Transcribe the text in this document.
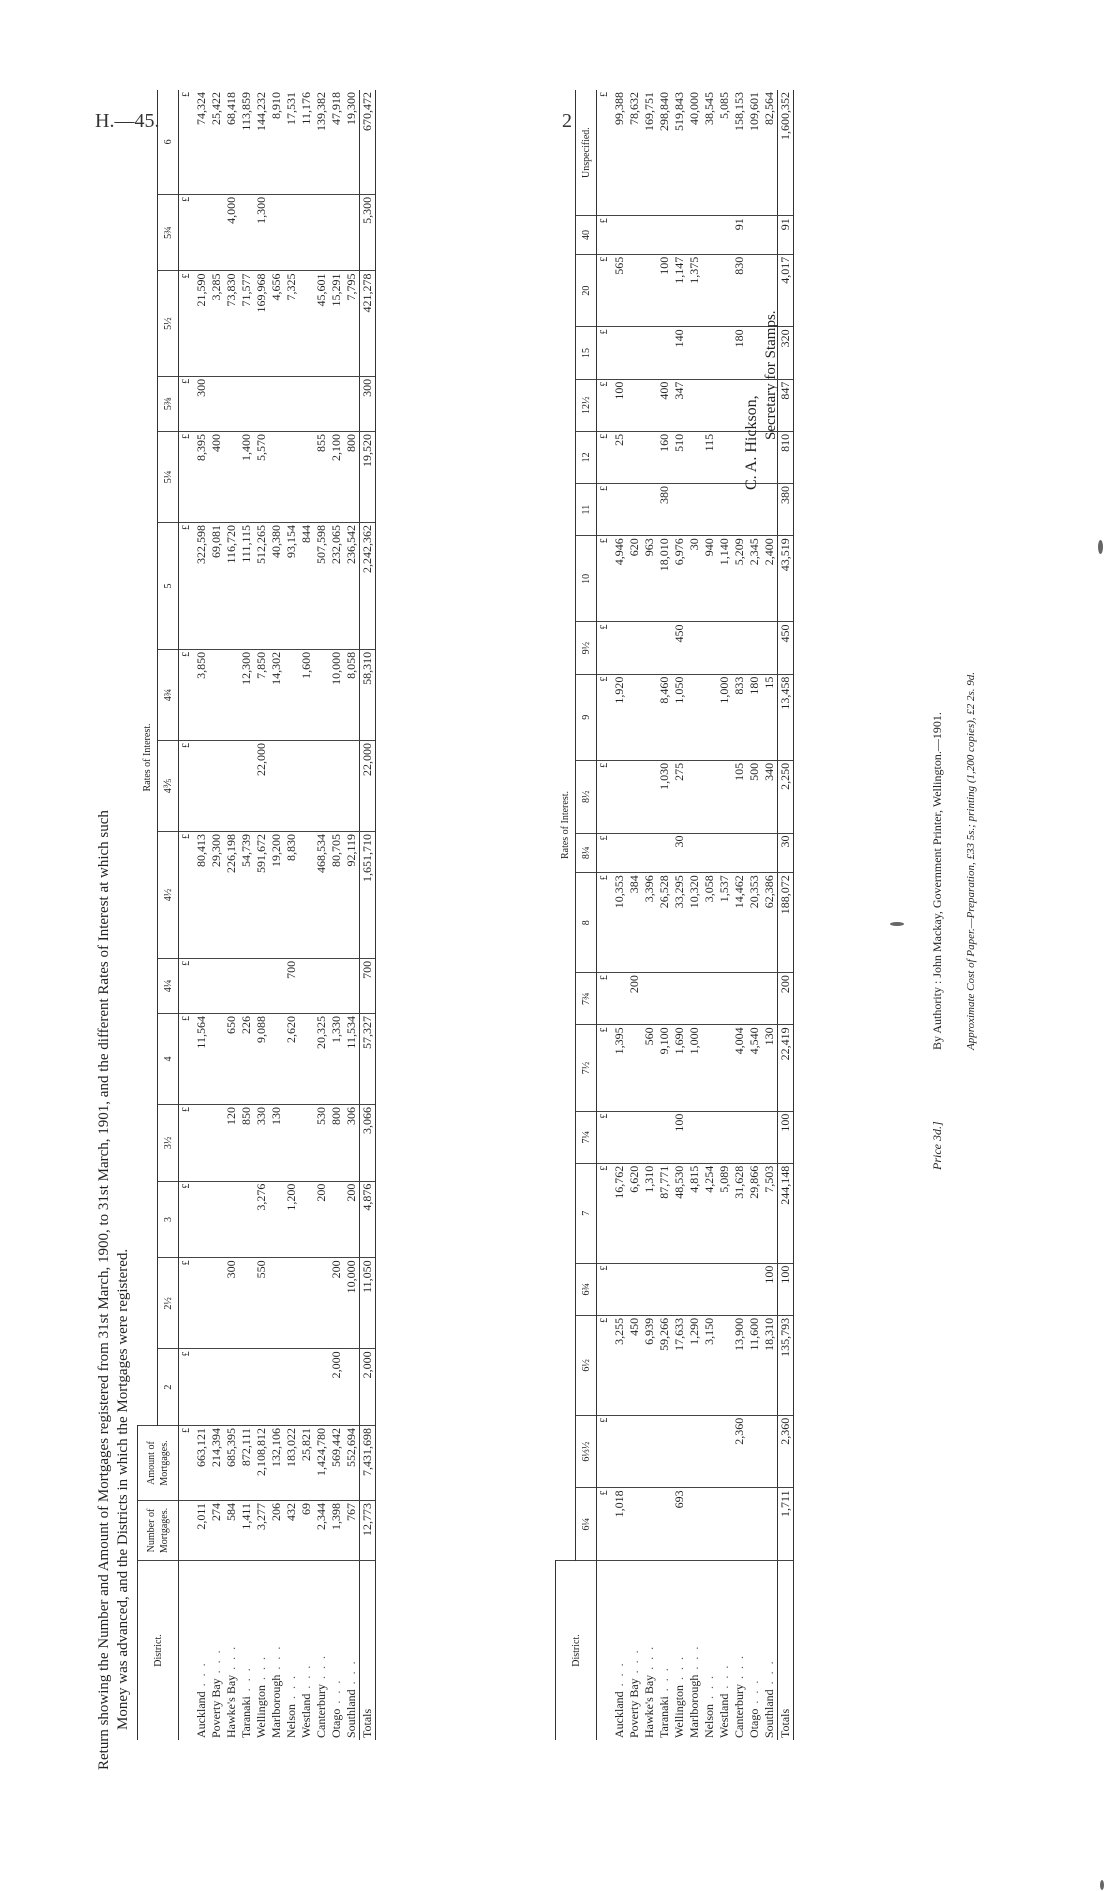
H.—45.	2
Return showing the Number and Amount of Mortgages registered from 31st March, 1900, to 31st March, 1901, and the different Rates of Interest at which such Money was advanced, and the Districts in which the Mortgages were registered. District.	Number of Mortgages.	Amount of Mortgages.	Rates of Interest.														
			2	2½	3	3½	4	4¼	4½	4⅗	4¾	5	5¼	5⅜	5½	5¾	6
		£	£	£	£	£	£	£	£	£	£	£	£	£	£	£	£
Auckland . . .	2,011	663,121					11,564		80,413		3,850	322,598	8,395	300	21,590		74,324
Poverty Bay . . .	274	214,394							29,300			69,081	400		3,285		25,422
Hawke's Bay . . .	584	685,395		300		120	650		226,198			116,720			73,830	4,000	68,418
Taranaki . . .	1,411	872,111				850	226		54,739		12,300	111,115	1,400		71,577		113,859
Wellington . . .	3,277	2,108,812		550	3,276	330	9,088		591,672	22,000	7,850	512,265	5,570		169,968	1,300	144,232
Marlborough . . .	206	132,106				130			19,200		14,302	40,380			4,656		8,910
Nelson . . .	432	183,022			1,200		2,620	700	8,830			93,154			7,325		17,531
Westland . . .	69	25,821									1,600	844					11,176
Canterbury . . .	2,344	1,424,780			200	530	20,325		468,534			507,598	855		45,601		139,382
Otago . . .	1,398	569,442	2,000	200		800	1,330		80,705		10,000	232,065	2,100		15,291		47,918
Southland . . .	767	552,694		10,000	200	306	11,534		92,119		8,058	236,542	800		7,795		19,300
Totals	12,773	7,431,698	2,000	11,050	4,876	3,066	57,327	700	1,651,710	22,000	58,310	2,242,362	19,520	300	421,278	5,300	670,472
District.	Rates of Interest.																				
	6¼	6⅓½	6½	6¾	7	7¼	7½	7¾	8	8¼	8½	9	9½	10	11	12	12½	15	20	40	Unspecified.
	£	£	£	£	£	£	£	£	£	£	£	£	£	£	£	£	£	£	£	£	£
Auckland . . .	1,018		3,255		16,762		1,395		10,353			1,920		4,946		25	100		565		99,388
Poverty Bay . . .			450		6,620			200	384					620							78,632
Hawke's Bay . . .			6,939		1,310		560		3,396					963							169,751
Taranaki . . .			59,266		87,771		9,100		26,528		1,030	8,460		18,010	380	160	400		100		298,840
Wellington . . .	693		17,633		48,530	100	1,690		33,295	30	275	1,050	450	6,976		510	347	140	1,147		519,843
Marlborough . . .			1,290		4,815		1,000		10,320					30					1,375		40,000
Nelson . . .			3,150		4,254				3,058					940		115					38,545
Westland . . .					5,089				1,537			1,000		1,140							5,085
Canterbury . . .		2,360	13,900		31,628		4,004		14,462		105	833		5,209				180	830	91	158,153
Otago . . .			11,600		29,866		4,540		20,353		500	180		2,345							109,601
Southland . . .			18,310	100	7,503		130		62,386		340	15		2,400							82,564
Totals	1,711	2,360	135,793	100	244,148	100	22,419	200	188,072	30	2,250	13,458	450	43,519	380	810	847	320	4,017	91	1,600,352
Price 3d.]
Approximate Cost of Paper.—Preparation, £33 5s.; printing (1,200 copies), £2 2s. 9d.
By Authority : John Mackay, Government Printer, Wellington.—1901.
C. A. Hickson,
Secretary for Stamps.
